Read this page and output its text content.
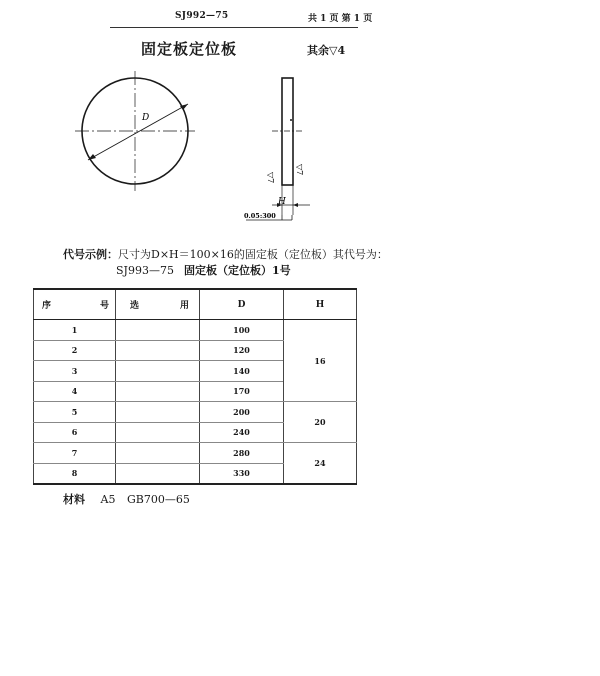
SJ992—75	共 1 页 第 1 页
固定板定位板	其余▽4
D
▽7
▽7
H
0.05:300
代号示例：尺寸为D×H＝100×16的固定板（定位板）其代号为：
SJ993—75 固定板（定位板）1号
序 号	选 用	D	H
1		100	16
2		120	
3		140	
4		170	
5		200	20
6		240	
7		280	24
8		330	
材料 A5 GB700—65
